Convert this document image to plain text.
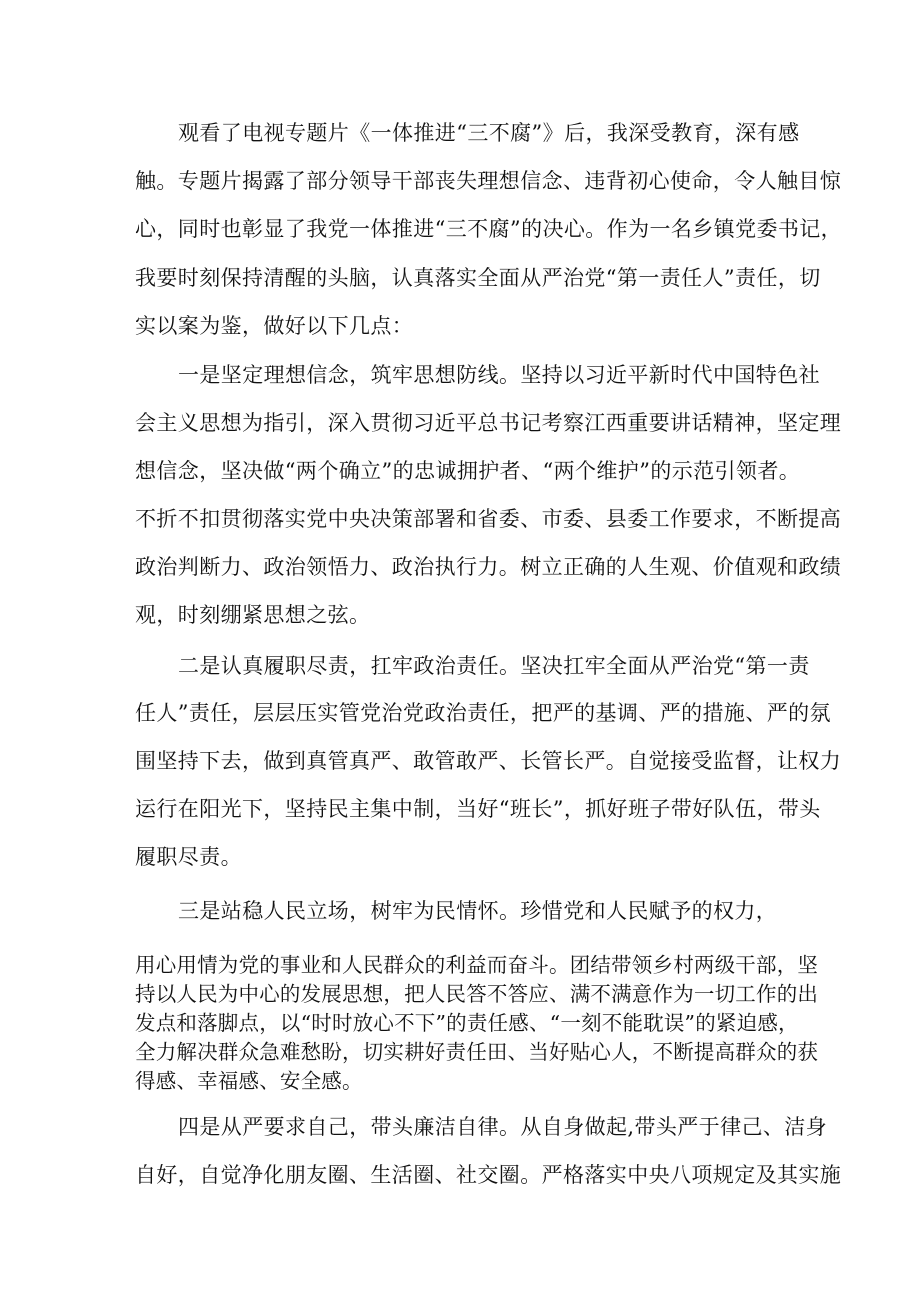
观看了电视专题片《一体推进“三不腐”》后，我深受教育，深有感

触。专题片揭露了部分领导干部丧失理想信念、违背初心使命，令人触目惊

心，同时也彰显了我党一体推进“三不腐”的决心。作为一名乡镇党委书记，

我要时刻保持清醒的头脑，认真落实全面从严治党“第一责任人”责任，切

实以案为鉴，做好以下几点：

一是坚定理想信念，筑牢思想防线。坚持以习近平新时代中国特色社

会主义思想为指引，深入贯彻习近平总书记考察江西重要讲话精神，坚定理

想信念，坚决做“两个确立”的忠诚拥护者、“两个维护”的示范引领者。

不折不扣贯彻落实党中央决策部署和省委、市委、县委工作要求，不断提高

政治判断力、政治领悟力、政治执行力。树立正确的人生观、价值观和政绩

观，时刻绷紧思想之弦。

二是认真履职尽责，扛牢政治责任。坚决扛牢全面从严治党“第一责

任人”责任，层层压实管党治党政治责任，把严的基调、严的措施、严的氛

围坚持下去，做到真管真严、敢管敢严、长管长严。自觉接受监督，让权力

运行在阳光下，坚持民主集中制，当好“班长”，抓好班子带好队伍，带头

履职尽责。

三是站稳人民立场，树牢为民情怀。珍惜党和人民赋予的权力，

用心用情为党的事业和人民群众的利益而奋斗。团结带领乡村两级干部，坚

持以人民为中心的发展思想，把人民答不答应、满不满意作为一切工作的出

发点和落脚点，以“时时放心不下”的责任感、“一刻不能耽误”的紧迫感，

全力解决群众急难愁盼，切实耕好责任田、当好贴心人，不断提高群众的获

得感、幸福感、安全感。

四是从严要求自己，带头廉洁自律。从自身做起,带头严于律己、洁身

自好，自觉净化朋友圈、生活圈、社交圈。严格落实中央八项规定及其实施
